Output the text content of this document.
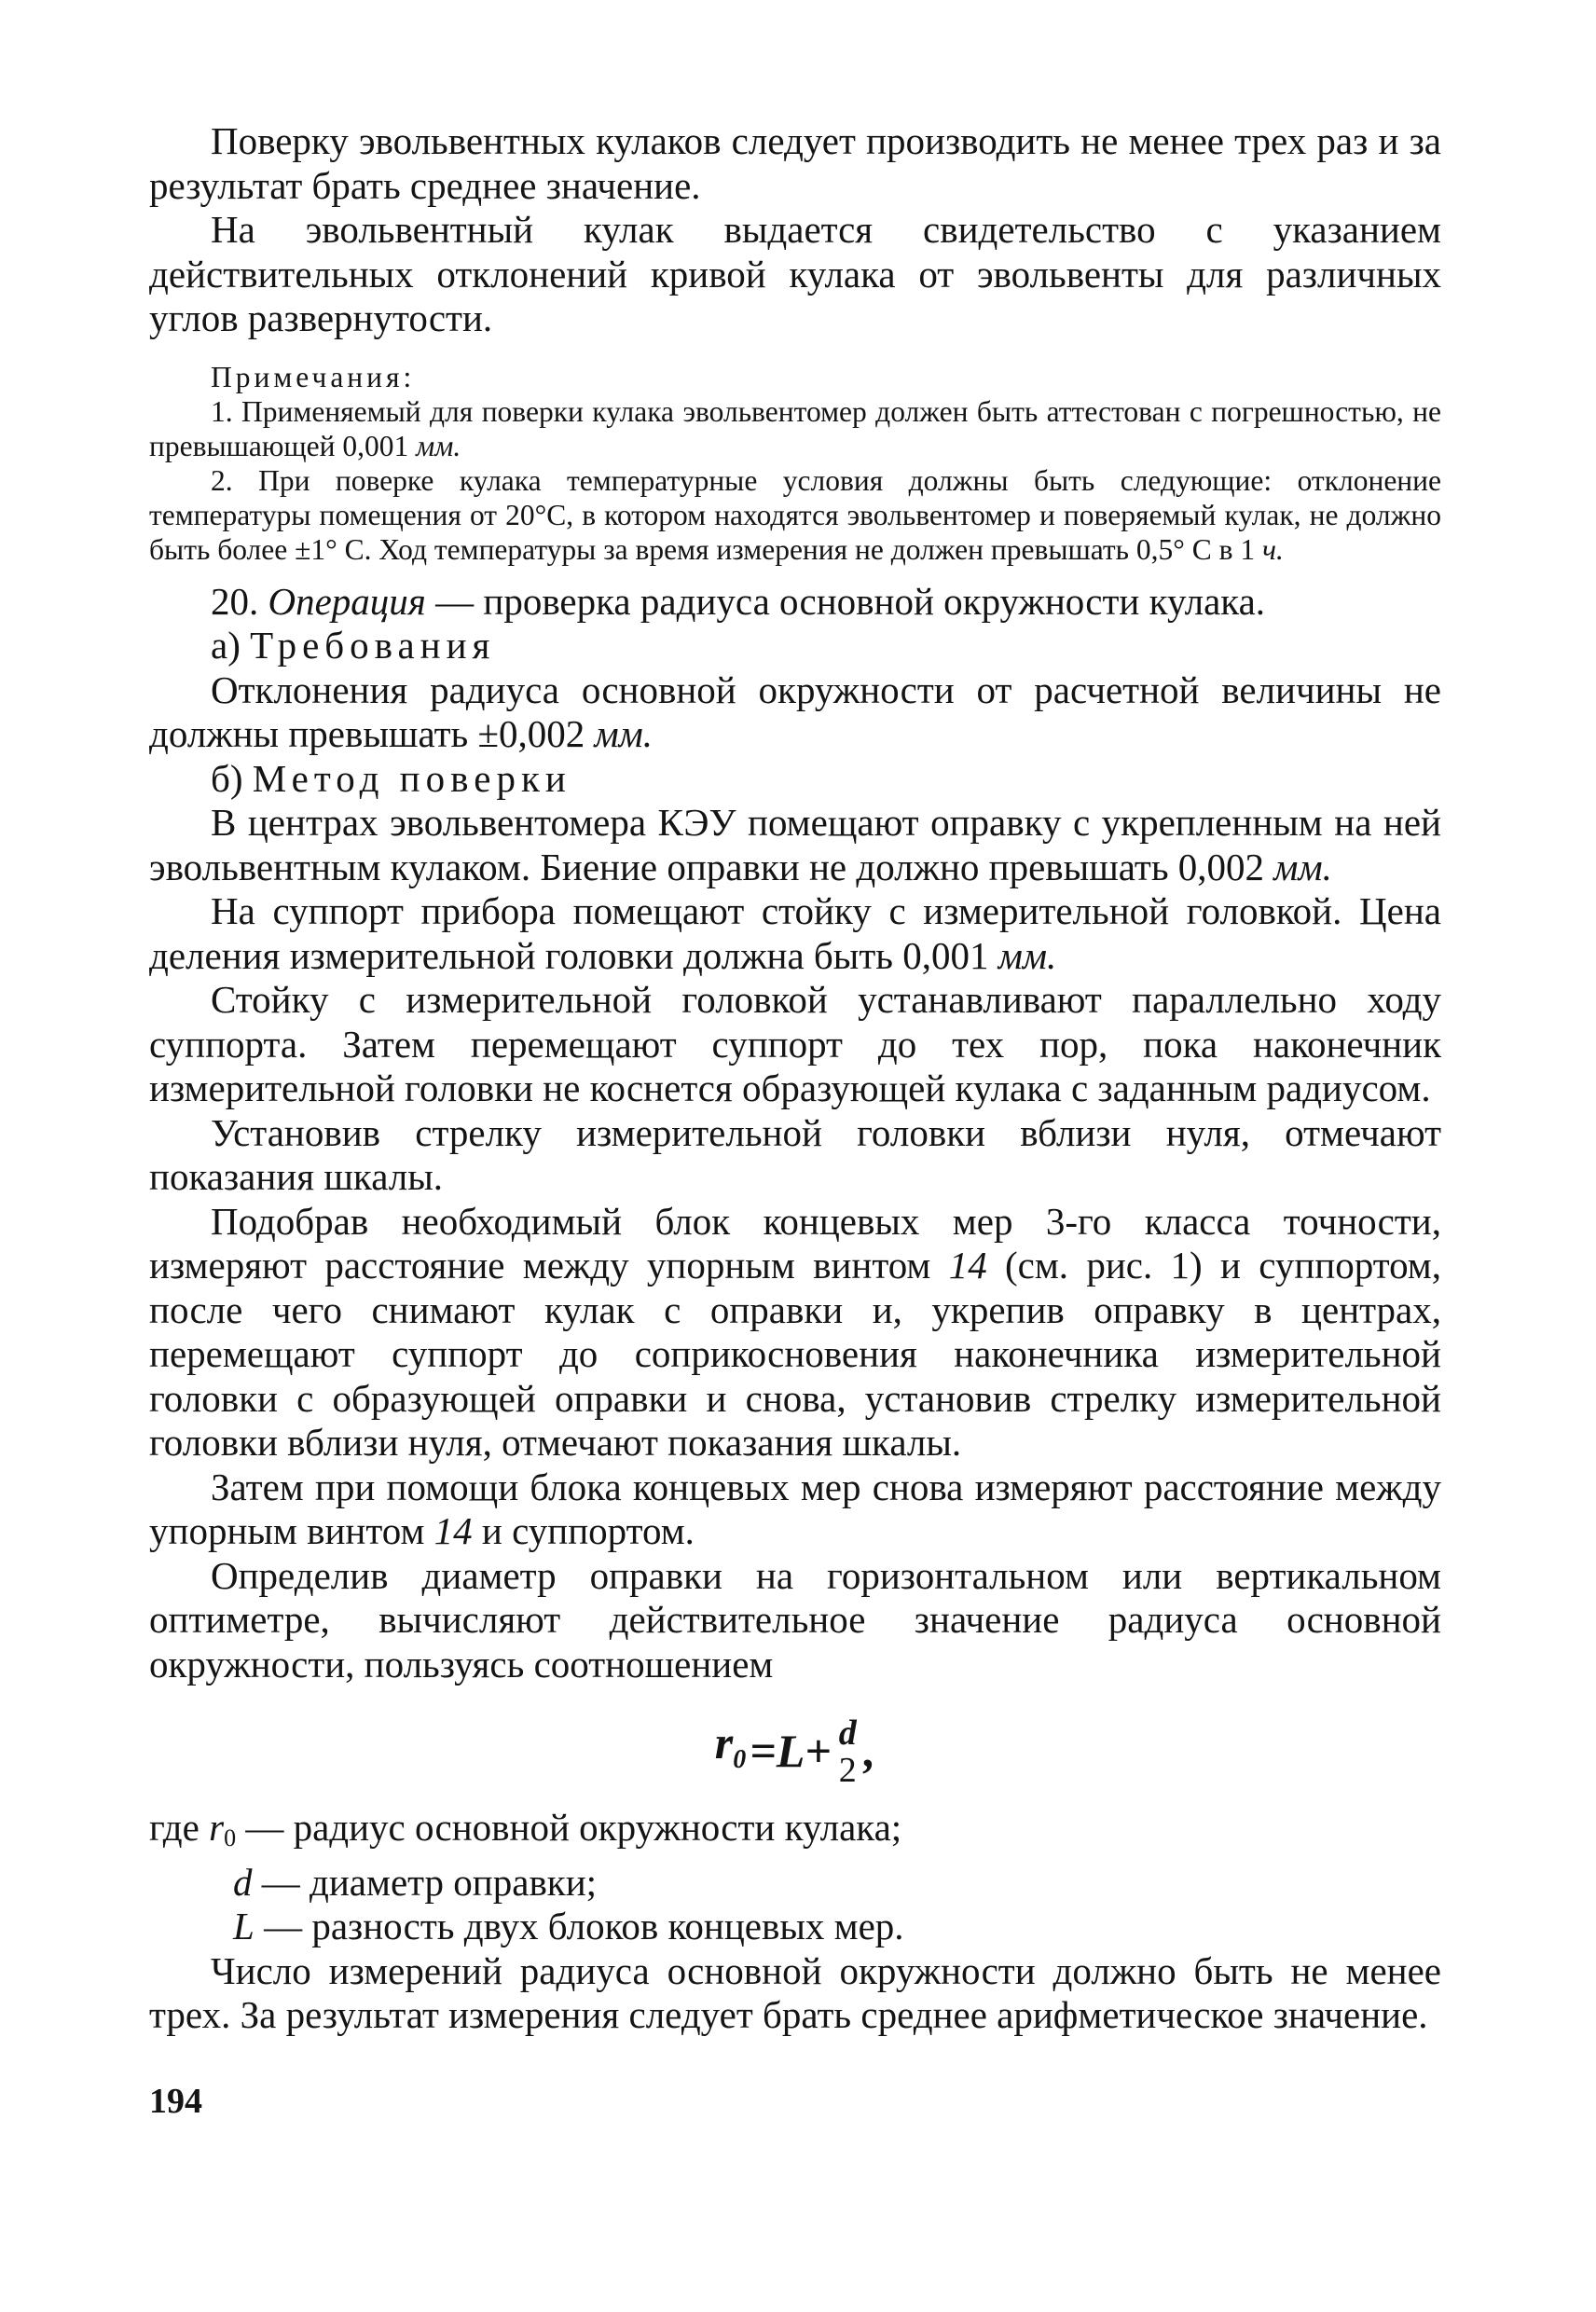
Поверку эвольвентных кулаков следует производить не менее трех раз и за результат брать среднее значение.

На эвольвентный кулак выдается свидетельство с указанием действительных отклонений кривой кулака от эвольвенты для различных углов развернутости.

Примечания:

1. Применяемый для поверки кулака эвольвентомер должен быть аттестован с погрешностью, не превышающей 0,001 мм.

2. При поверке кулака температурные условия должны быть следующие: отклонение температуры помещения от 20°С, в котором находятся эвольвентомер и поверяемый кулак, не должно быть более ±1° С. Ход температуры за время измерения не должен превышать 0,5° С в 1 ч.

20. Операция — проверка радиуса основной окружности кулака.

а) Требования

Отклонения радиуса основной окружности от расчетной величины не должны превышать ±0,002 мм.

б) Метод поверки

В центрах эвольвентомера КЭУ помещают оправку с укрепленным на ней эвольвентным кулаком. Биение оправки не должно превышать 0,002 мм.

На суппорт прибора помещают стойку с измерительной головкой. Цена деления измерительной головки должна быть 0,001 мм.

Стойку с измерительной головкой устанавливают параллельно ходу суппорта. Затем перемещают суппорт до тех пор, пока наконечник измерительной головки не коснется образующей кулака с заданным радиусом.

Установив стрелку измерительной головки вблизи нуля, отмечают показания шкалы.

Подобрав необходимый блок концевых мер 3-го класса точности, измеряют расстояние между упорным винтом 14 (см. рис. 1) и суппортом, после чего снимают кулак с оправки и, укрепив оправку в центрах, перемещают суппорт до соприкосновения наконечника измерительной головки с образующей оправки и снова, установив стрелку измерительной головки вблизи нуля, отмечают показания шкалы.

Затем при помощи блока концевых мер снова измеряют расстояние между упорным винтом 14 и суппортом.

Определив диаметр оправки на горизонтальном или вертикальном оптиметре, вычисляют действительное значение радиуса основной окружности, пользуясь соотношением

$r_0 =L+ d$
2 ,

где r0 — радиус основной окружности кулака;

d — диаметр оправки;

L — разность двух блоков концевых мер.

Число измерений радиуса основной окружности должно быть не менее трех. За результат измерения следует брать среднее арифметическое значение.

194
